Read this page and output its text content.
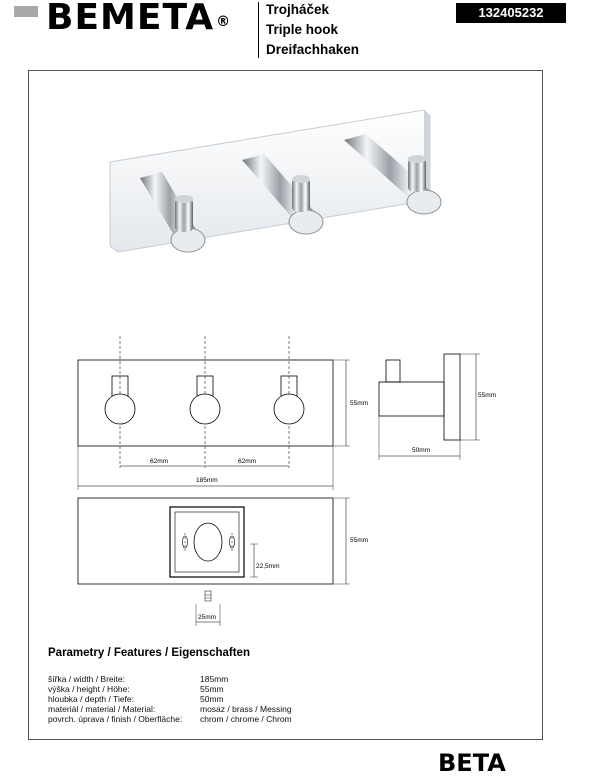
BEMETA ®
Trojháček
Triple hook
Dreifachhaken
132405232
55mm
62mm	62mm
185mm
55mm
50mm
22,5mm
55mm
25mm
Parametry / Features / Eigenschaften
šířka / width / Breite:	185mm
výška / height / Höhe:	55mm
hloubka / depth / Tiefe:	50mm
materiál / material / Material:	mosaz / brass / Messing
povrch. úprava / finish / Oberfläche: chrom / chrome / Chrom
BETA
